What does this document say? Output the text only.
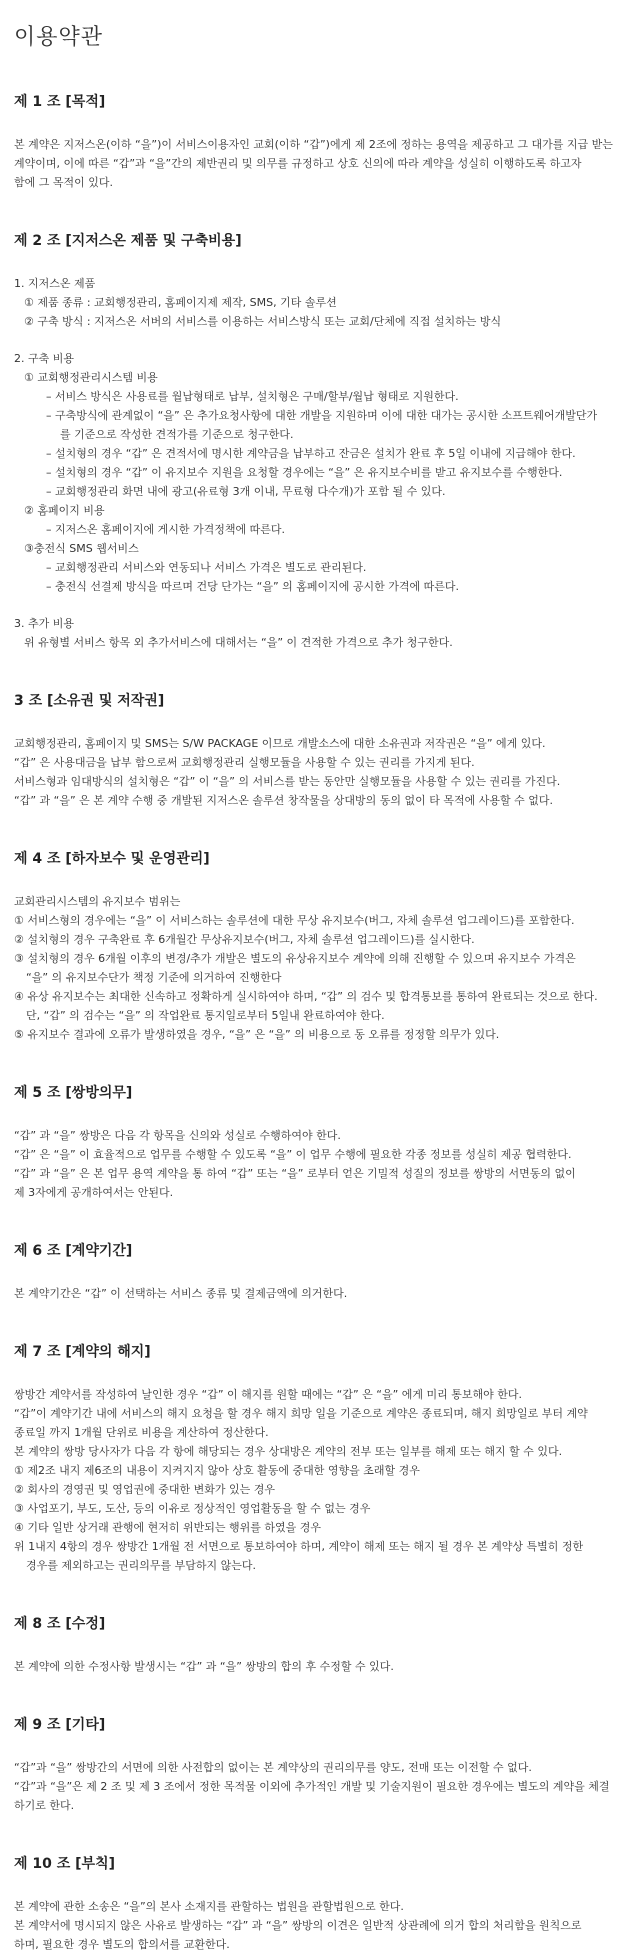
이용약관
제 1 조 [목적]

본 계약은 지저스온(이하 “을”)이 서비스이용자인 교회(이하 “갑”)에게 제 2조에 정하는 용역을 제공하고 그 대가를 지급 받는

계약이며, 이에 따른 “갑”과 “을”간의 제반권리 및 의무를 규정하고 상호 신의에 따라 계약을 성실히 이행하도록 하고자

함에 그 목적이 있다.

제 2 조 [지저스온 제품 및 구축비용]

1. 지저스온 제품

① 제품 종류 : 교회행정관리, 홈페이지제 제작, SMS, 기타 솔루션

② 구축 방식 : 지저스온 서버의 서비스를 이용하는 서비스방식 또는 교회/단체에 직접 설치하는 방식

2. 구축 비용

① 교회행정관리시스템 비용

– 서비스 방식은 사용료를 월납형태로 납부, 설치형은 구매/할부/월납 형태로 지원한다.

– 구축방식에 관계없이 “을” 은 추가요청사항에 대한 개발을 지원하며 이에 대한 대가는 공시한 소프트웨어개발단가

를 기준으로 작성한 견적가를 기준으로 청구한다.

– 설치형의 경우 “갑” 은 견적서에 명시한 계약금을 납부하고 잔금은 설치가 완료 후 5일 이내에 지급해야 한다.

– 설치형의 경우 “갑” 이 유지보수 지원을 요청할 경우에는 “을” 은 유지보수비를 받고 유지보수를 수행한다.

– 교회행정관리 화면 내에 광고(유료형 3개 이내, 무료형 다수개)가 포함 될 수 있다.

② 홈페이지 비용

– 지저스온 홈페이지에 게시한 가격정책에 따른다.

③충전식 SMS 웹서비스

– 교회행정관리 서비스와 연동되나 서비스 가격은 별도로 관리된다.

– 충전식 선결제 방식을 따르며 건당 단가는 “을” 의 홈페이지에 공시한 가격에 따른다.

3. 추가 비용

위 유형별 서비스 항목 외 추가서비스에 대해서는 “을” 이 견적한 가격으로 추가 청구한다.

3 조 [소유권 및 저작권]

교회행정관리, 홈페이지 및 SMS는 S/W PACKAGE 이므로 개발소스에 대한 소유권과 저작권은 “을” 에게 있다.

“갑” 은 사용대금을 납부 함으로써 교회행정관리 실행모듈을 사용할 수 있는 권리를 가지게 된다.

서비스형과 임대방식의 설치형은 “갑” 이 “을” 의 서비스를 받는 동안만 실행모듈을 사용할 수 있는 권리를 가진다.

“갑” 과 “을” 은 본 계약 수행 중 개발된 지저스온 솔루션 창작물을 상대방의 동의 없이 타 목적에 사용할 수 없다.

제 4 조 [하자보수 및 운영관리]

교회관리시스템의 유지보수 범위는

① 서비스형의 경우에는 “을” 이 서비스하는 솔루션에 대한 무상 유지보수(버그, 자체 솔루션 업그레이드)를 포함한다.

② 설치형의 경우 구축완료 후 6개월간 무상유지보수(버그, 자체 솔루션 업그레이드)를 실시한다.

③ 설치형의 경우 6개월 이후의 변경/추가 개발은 별도의 유상유지보수 계약에 의해 진행할 수 있으며 유지보수 가격은

“을” 의 유지보수단가 책정 기준에 의거하여 진행한다

④ 유상 유지보수는 최대한 신속하고 정확하게 실시하여야 하며, “갑” 의 검수 및 합격통보를 통하여 완료되는 것으로 한다.

단, “갑” 의 검수는 “을” 의 작업완료 통지일로부터 5일내 완료하여야 한다.

⑤ 유지보수 결과에 오류가 발생하였을 경우, “을” 은 “을” 의 비용으로 동 오류를 정정할 의무가 있다.

제 5 조 [쌍방의무]

“갑” 과 “을” 쌍방은 다음 각 항목을 신의와 성실로 수행하여야 한다.

“갑” 은 “을” 이 효율적으로 업무를 수행할 수 있도록 “을” 이 업무 수행에 필요한 각종 정보를 성실히 제공 협력한다.

“갑” 과 “을” 은 본 업무 용역 계약을 통 하여 “갑” 또는 “을” 로부터 얻은 기밀적 성질의 정보를 쌍방의 서면동의 없이

제 3자에게 공개하여서는 안된다.

제 6 조 [계약기간]

본 계약기간은 “갑” 이 선택하는 서비스 종류 및 결제금액에 의거한다.

제 7 조 [계약의 해지]

쌍방간 계약서를 작성하여 날인한 경우 “갑” 이 해지를 원할 때에는 “갑” 은 “을” 에게 미리 통보해야 한다.

“갑”이 계약기간 내에 서비스의 해지 요청을 할 경우 해지 희망 일을 기준으로 계약은 종료되며, 해지 희망일로 부터 계약

종료일 까지 1개월 단위로 비용을 계산하여 정산한다.

본 계약의 쌍방 당사자가 다음 각 항에 해당되는 경우 상대방은 계약의 전부 또는 일부를 해제 또는 해지 할 수 있다.

① 제2조 내지 제6조의 내용이 지켜지지 않아 상호 활동에 중대한 영향을 초래할 경우

② 회사의 경영권 및 영업권에 중대한 변화가 있는 경우

③ 사업포기, 부도, 도산, 등의 이유로 정상적인 영업활동을 할 수 없는 경우

④ 기타 일반 상거래 관행에 현저히 위반되는 행위를 하였을 경우

위 1내지 4항의 경우 쌍방간 1개월 전 서면으로 통보하여야 하며, 계약이 해제 또는 해지 될 경우 본 계약상 특별히 정한

경우를 제외하고는 권리의무를 부담하지 않는다.

제 8 조 [수정]

본 계약에 의한 수정사항 발생시는 “갑” 과 “을” 쌍방의 합의 후 수정할 수 있다.

제 9 조 [기타]

“갑”과 “을” 쌍방간의 서면에 의한 사전합의 없이는 본 계약상의 권리의무를 양도, 전매 또는 이전할 수 없다.

“갑”과 “을”은 제 2 조 및 제 3 조에서 정한 목적물 이외에 추가적인 개발 및 기술지원이 필요한 경우에는 별도의 계약을 체결

하기로 한다.

제 10 조 [부칙]

본 계약에 관한 소송은 “을”의 본사 소재지를 관할하는 법원을 관할법원으로 한다.

본 계약서에 명시되지 않은 사유로 발생하는 “갑” 과 “을” 쌍방의 이견은 일반적 상관례에 의거 합의 처리함을 원칙으로

하며, 필요한 경우 별도의 합의서를 교환한다.
